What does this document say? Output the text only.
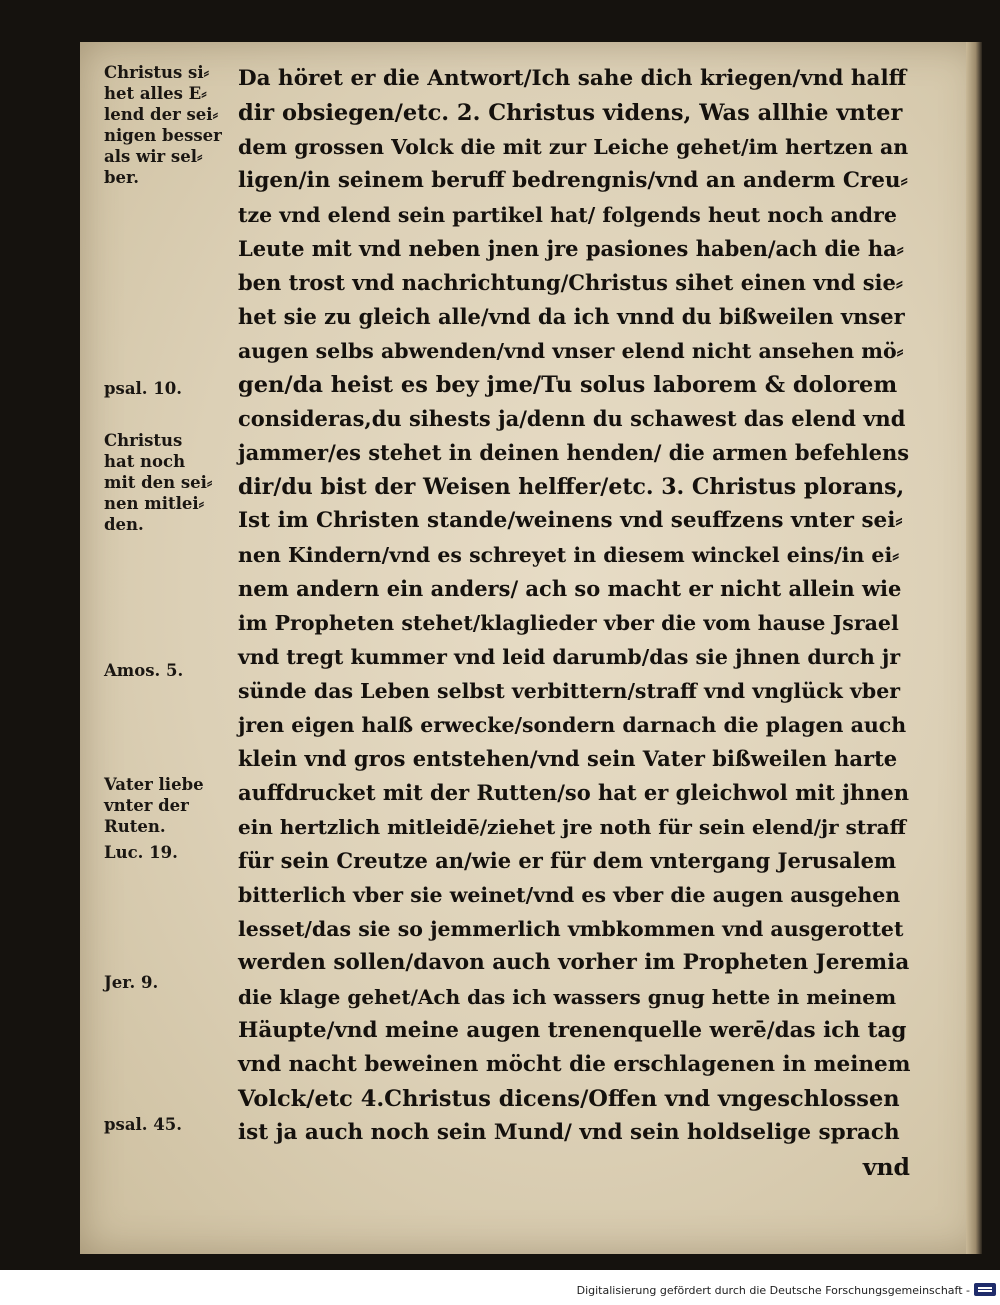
Christus si⸗
het alles E⸗
lend der sei⸗
nigen besser
als wir sel⸗
ber.
psal. 10.
Christus
hat noch
mit den sei⸗
nen mitlei⸗
den.
Amos. 5.
Vater liebe
vnter der
Ruten.
Luc. 19.
Jer. 9.
psal. 45.
Da höret er die Antwort/Ich sahe dich kriegen/vnd halff
dir obsiegen/etc. 2. Christus videns, Was allhie vnter
dem grossen Volck die mit zur Leiche gehet/im hertzen an
ligen/in seinem beruff bedrengnis/vnd an anderm Creu⸗
tze vnd elend sein partikel hat/ folgends heut noch andre
Leute mit vnd neben jnen jre pasiones haben/ach die ha⸗
ben trost vnd nachrichtung/Christus sihet einen vnd sie⸗
het sie zu gleich alle/vnd da ich vnnd du bißweilen vnser
augen selbs abwenden/vnd vnser elend nicht ansehen mö⸗
gen/da heist es bey jme/Tu solus laborem & dolorem
consideras,du sihests ja/denn du schawest das elend vnd
jammer/es stehet in deinen henden/ die armen befehlens
dir/du bist der Weisen helffer/etc. 3. Christus plorans,
Ist im Christen stande/weinens vnd seuffzens vnter sei⸗
nen Kindern/vnd es schreyet in diesem winckel eins/in ei⸗
nem andern ein anders/ ach so macht er nicht allein wie
im Propheten stehet/klaglieder vber die vom hause Jsrael
vnd tregt kummer vnd leid darumb/das sie jhnen durch jr
sünde das Leben selbst verbittern/straff vnd vnglück vber
jren eigen halß erwecke/sondern darnach die plagen auch
klein vnd gros entstehen/vnd sein Vater bißweilen harte
auffdrucket mit der Rutten/so hat er gleichwol mit jhnen
ein hertzlich mitleidē/ziehet jre noth für sein elend/jr straff
für sein Creutze an/wie er für dem vntergang Jerusalem
bitterlich vber sie weinet/vnd es vber die augen ausgehen
lesset/das sie so jemmerlich vmbkommen vnd ausgerottet
werden sollen/davon auch vorher im Propheten Jeremia
die klage gehet/Ach das ich wassers gnug hette in meinem
Häupte/vnd meine augen trenenquelle werē/das ich tag
vnd nacht beweinen möcht die erschlagenen in meinem
Volck/etc 4.Christus dicens/Offen vnd vngeschlossen
ist ja auch noch sein Mund/ vnd sein holdselige sprach
vnd
Digitalisierung gefördert durch die Deutsche Forschungsgemeinschaft -
